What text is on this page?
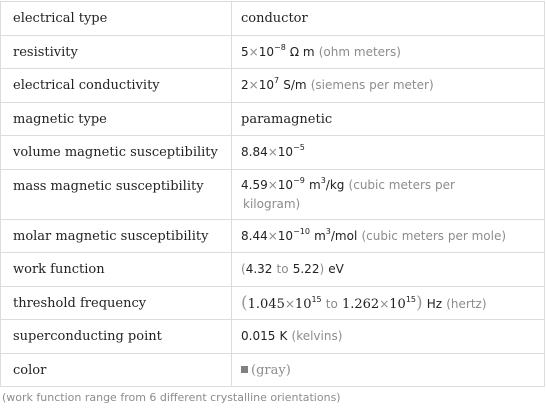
electrical type	conductor
resistivity	$5\times 10^{-8}$ Ω m (ohm meters)
electrical conductivity	$2\times 10^7$ S/m (siemens per meter)
magnetic type	paramagnetic
volume magnetic susceptibility	$8.84\times 10^{-5}$
mass magnetic susceptibility	$4.59\times 10^{-9}$ $m^3/kg$ (cubic meters per
kilogram)
molar magnetic susceptibility	$8.44\times 10^{-10}$ $m^3$/mol (cubic meters per mole)
work function	(4.32 to 5.22) eV
threshold frequency	($1.045\times 10^{15}$ to $1.262\times 10^{15}$) Hz (hertz)
superconducting point	0.015 K (kelvins)
color	(gray)
(work function range from 6 different crystalline orientations)
